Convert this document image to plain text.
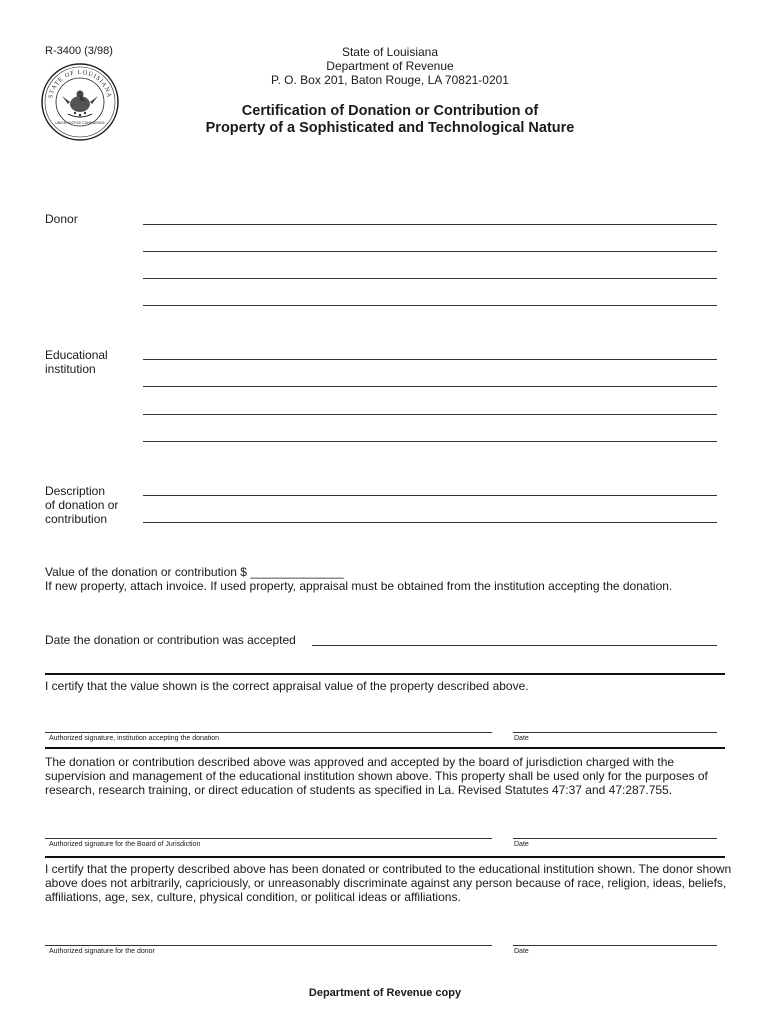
R-3400 (3/98)
STATE OF LOUISIANA
UNION JUSTICE CONFIDENCE
State of Louisiana
Department of Revenue
P. O. Box 201, Baton Rouge, LA 70821-0201
Certification of Donation or Contribution of
Property of a Sophisticated and Technological Nature
Donor
Educational
institution
Description
of donation or
contribution
Value of the donation or contribution $ ______________
If new property, attach invoice. If used property, appraisal must be obtained from the institution accepting the donation.
Date the donation or contribution was accepted
I certify that the value shown is the correct appraisal value of the property described above.
Authorized signature, institution accepting the donation	Date
The donation or contribution described above was approved and accepted by the board of jurisdiction charged with the supervision and management of the educational institution shown above. This property shall be used only for the purposes of research, research training, or direct education of students as specified in La. Revised Statutes 47:37 and 47:287.755.
Authorized signature for the Board of Jurisdiction	Date
I certify that the property described above has been donated or contributed to the educational institution shown. The donor shown above does not arbitrarily, capriciously, or unreasonably discriminate against any person because of race, religion, ideas, beliefs, affiliations, age, sex, culture, physical condition, or political ideas or affiliations.
Authorized signature for the donor	Date
Department of Revenue copy
